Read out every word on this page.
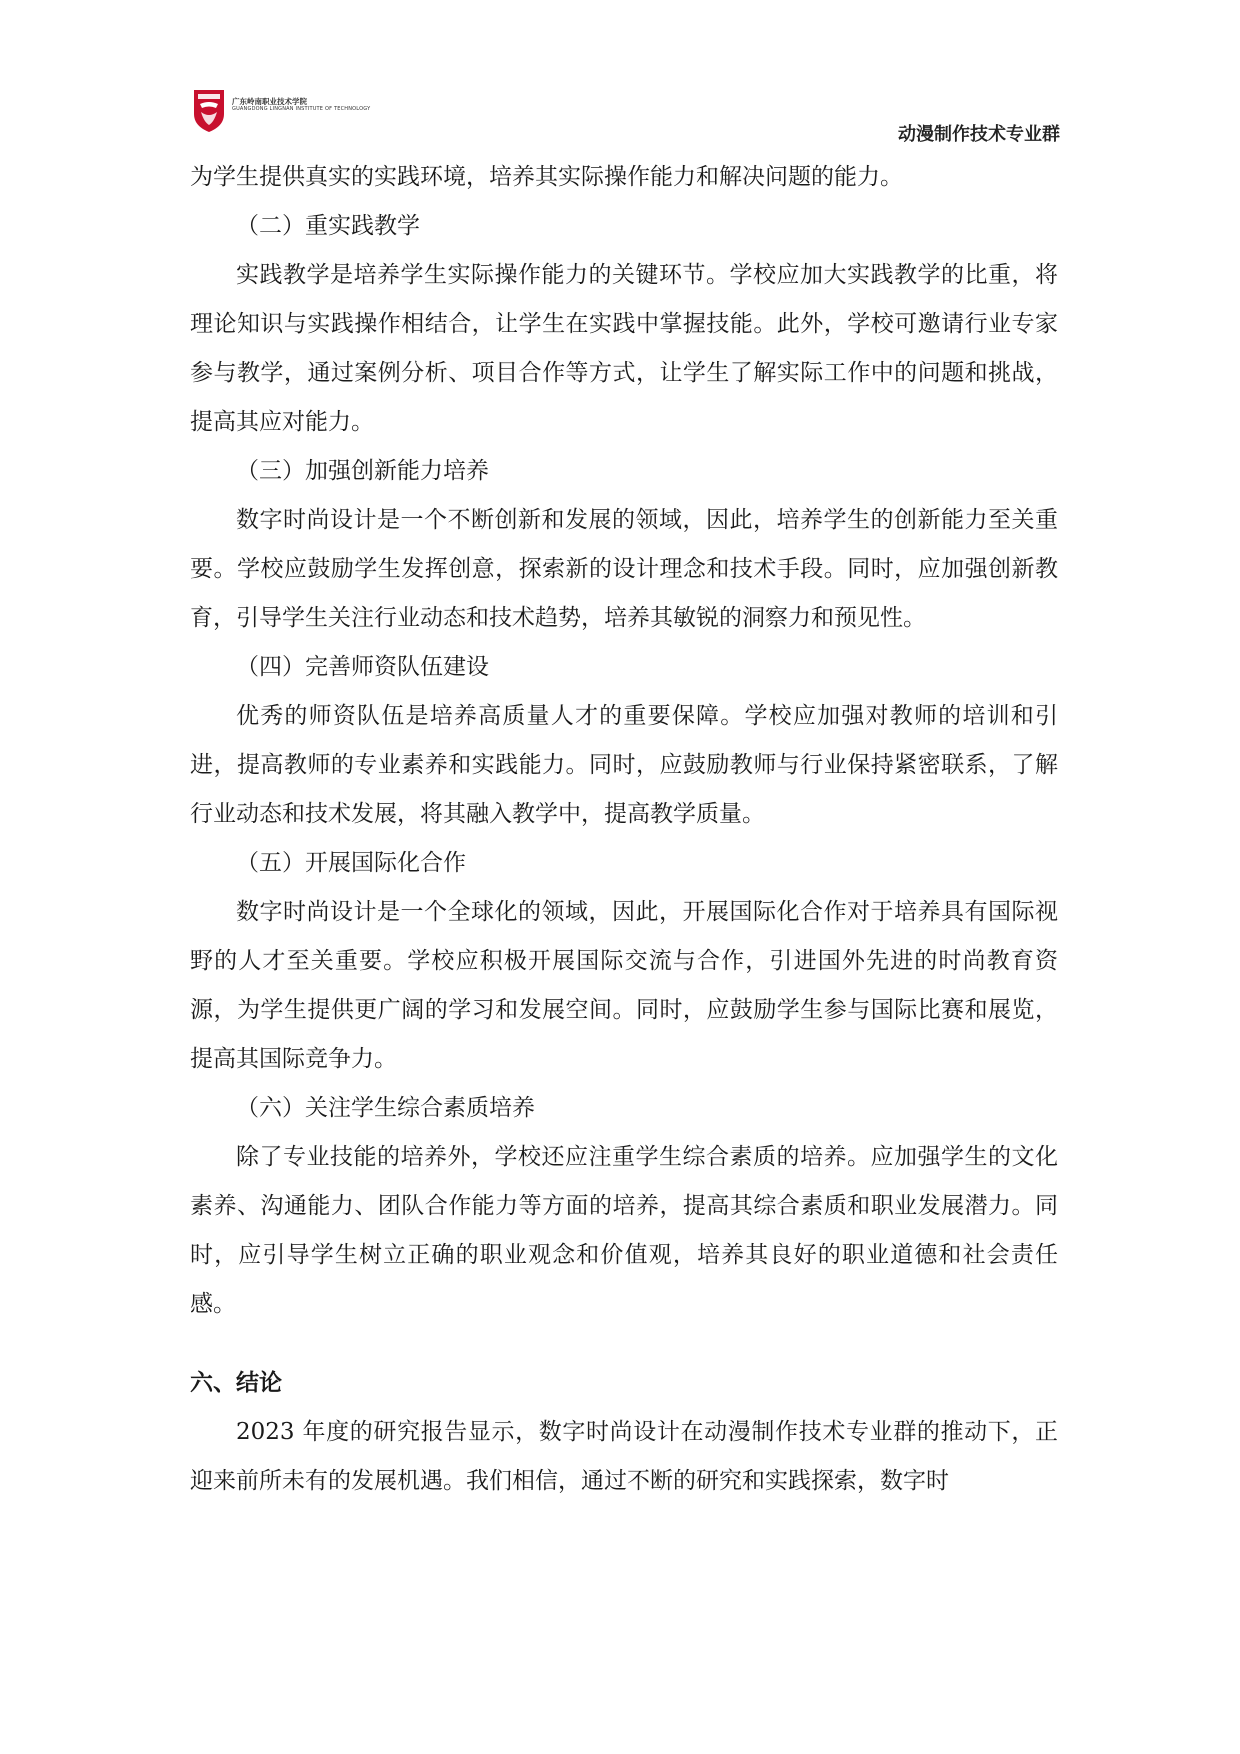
广东岭南职业技术学院
GUANGDONG LINGNAN INSTITUTE OF TECHNOLOGY
动漫制作技术专业群

为学生提供真实的实践环境，培养其实际操作能力和解决问题的能力。

（二）重实践教学

实践教学是培养学生实际操作能力的关键环节。学校应加大实践教学的比重，将理论知识与实践操作相结合，让学生在实践中掌握技能。此外，学校可邀请行业专家参与教学，通过案例分析、项目合作等方式，让学生了解实际工作中的问题和挑战，提高其应对能力。

（三）加强创新能力培养

数字时尚设计是一个不断创新和发展的领域，因此，培养学生的创新能力至关重要。学校应鼓励学生发挥创意，探索新的设计理念和技术手段。同时，应加强创新教育，引导学生关注行业动态和技术趋势，培养其敏锐的洞察力和预见性。

（四）完善师资队伍建设

优秀的师资队伍是培养高质量人才的重要保障。学校应加强对教师的培训和引进，提高教师的专业素养和实践能力。同时，应鼓励教师与行业保持紧密联系，了解行业动态和技术发展，将其融入教学中，提高教学质量。

（五）开展国际化合作

数字时尚设计是一个全球化的领域，因此，开展国际化合作对于培养具有国际视野的人才至关重要。学校应积极开展国际交流与合作，引进国外先进的时尚教育资源，为学生提供更广阔的学习和发展空间。同时，应鼓励学生参与国际比赛和展览，提高其国际竞争力。

（六）关注学生综合素质培养

除了专业技能的培养外，学校还应注重学生综合素质的培养。应加强学生的文化素养、沟通能力、团队合作能力等方面的培养，提高其综合素质和职业发展潜力。同时，应引导学生树立正确的职业观念和价值观，培养其良好的职业道德和社会责任感。

六、结论

2023 年度的研究报告显示，数字时尚设计在动漫制作技术专业群的推动下，正迎来前所未有的发展机遇。我们相信，通过不断的研究和实践探索，数字时
